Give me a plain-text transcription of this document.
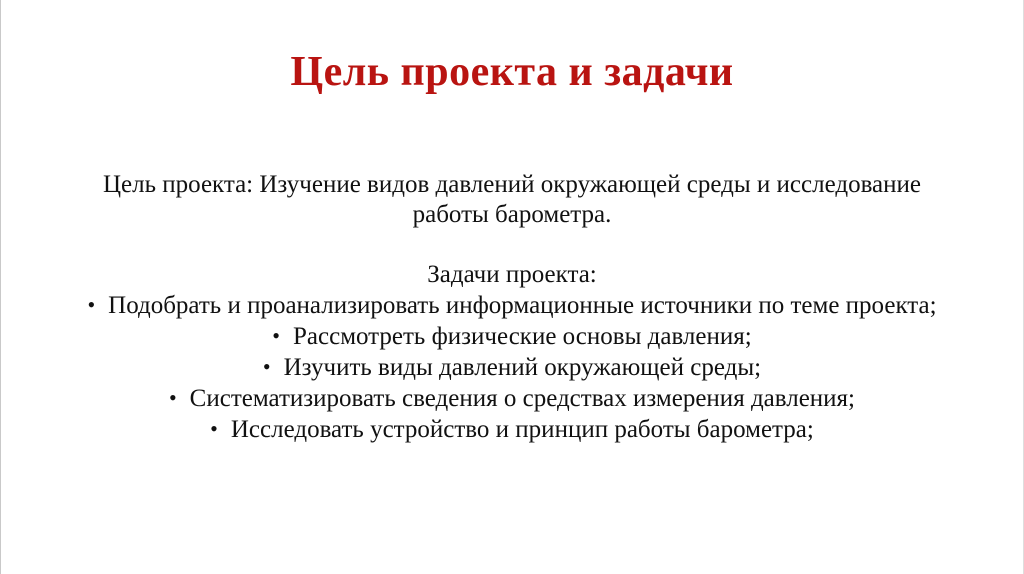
Цель проекта и задачи
Цель проекта: Изучение видов давлений окружающей среды и исследование
работы барометра.
Задачи проекта:
• Подобрать и проанализировать информационные источники по теме проекта;
• Рассмотреть физические основы давления;
• Изучить виды давлений окружающей среды;
• Систематизировать сведения о средствах измерения давления;
• Исследовать устройство и принцип работы барометра;
